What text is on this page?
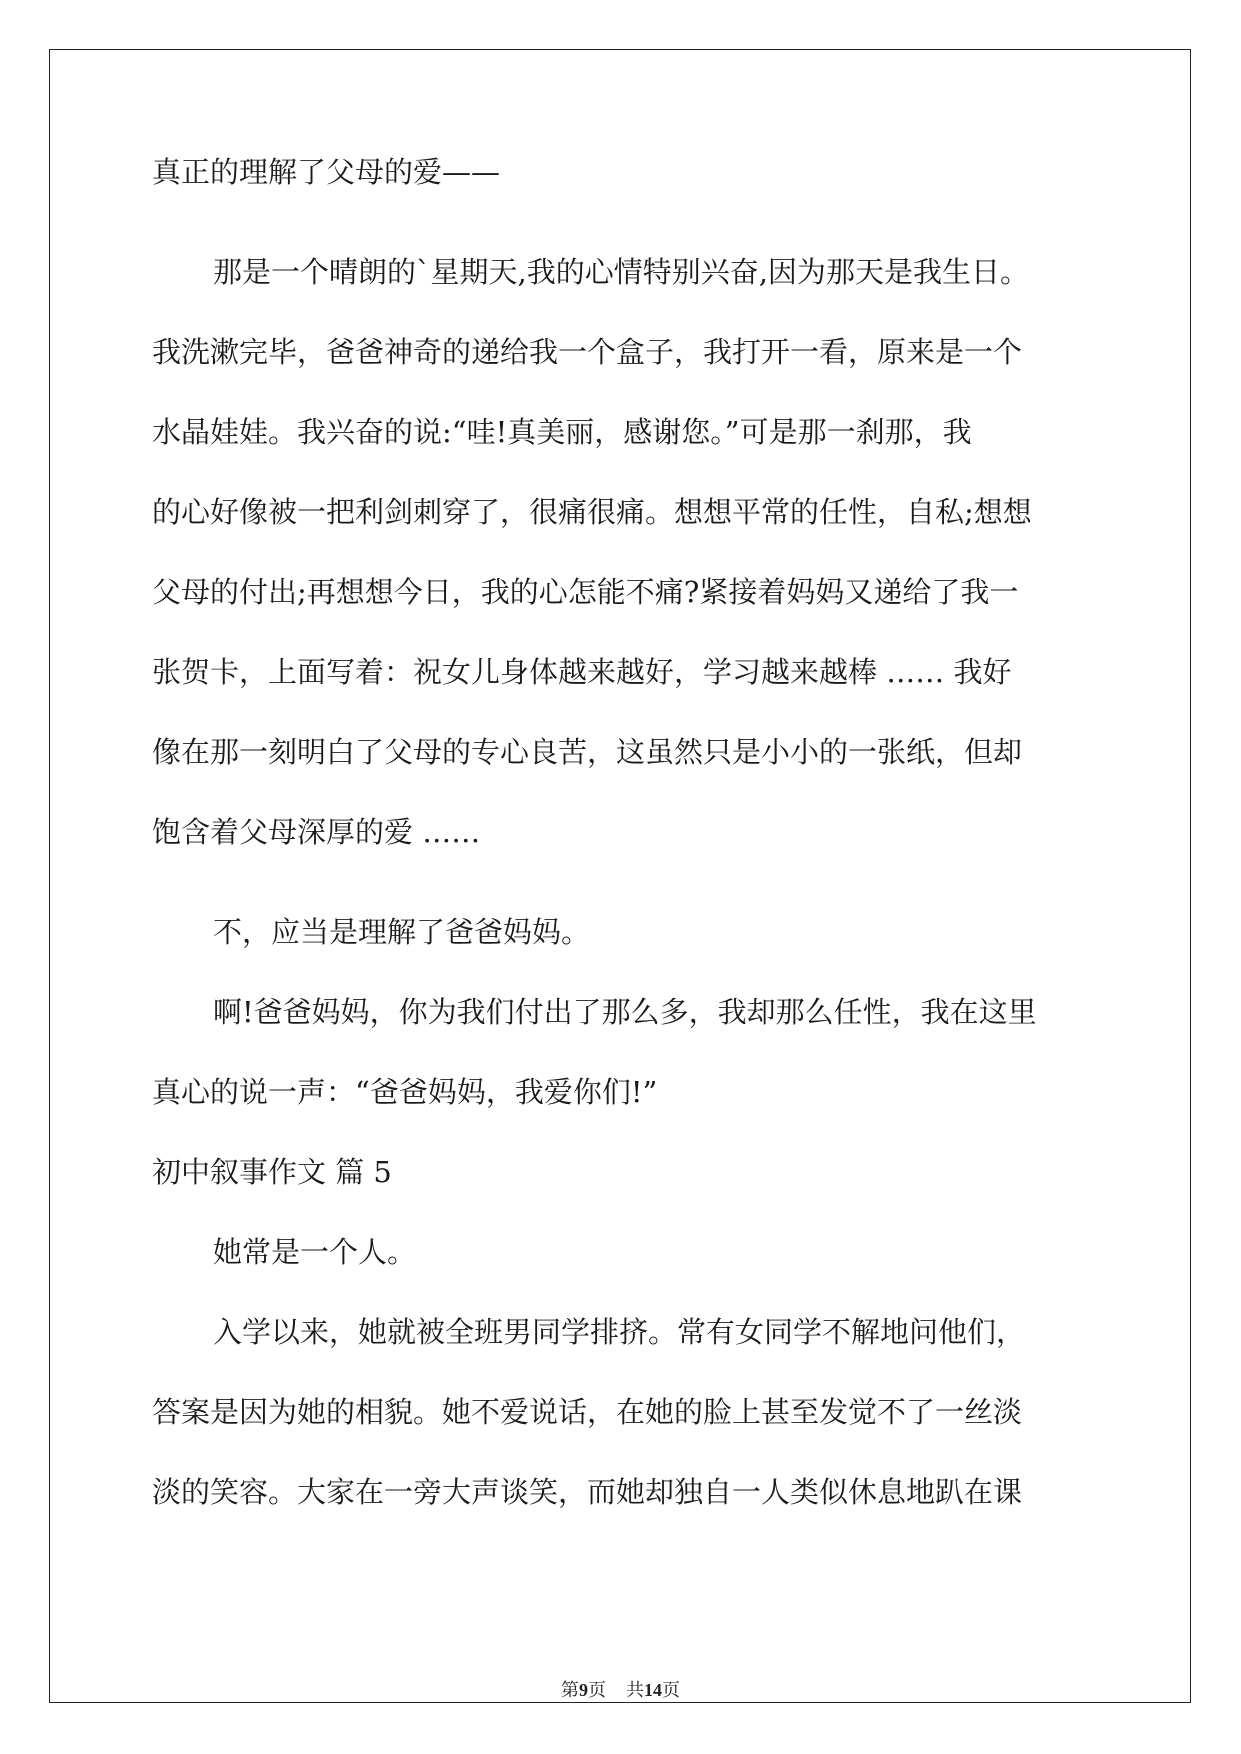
真正的理解了父母的爱——
那是一个晴朗的`星期天,我的心情特别兴奋,因为那天是我生日。
我洗漱完毕，爸爸神奇的递给我一个盒子，我打开一看，原来是一个
水晶娃娃。我兴奋的说:“哇!真美丽，感谢您。”可是那一刹那，我
的心好像被一把利剑刺穿了，很痛很痛。想想平常的任性，自私;想想
父母的付出;再想想今日，我的心怎能不痛?紧接着妈妈又递给了我一
张贺卡，上面写着：祝女儿身体越来越好，学习越来越棒 …… 我好
像在那一刻明白了父母的专心良苦，这虽然只是小小的一张纸，但却
饱含着父母深厚的爱 ……
不，应当是理解了爸爸妈妈。
啊!爸爸妈妈，你为我们付出了那么多，我却那么任性，我在这里
真心的说一声：“爸爸妈妈，我爱你们!”
初中叙事作文 篇 5
她常是一个人。
入学以来，她就被全班男同学排挤。常有女同学不解地问他们，
答案是因为她的相貌。她不爱说话，在她的脸上甚至发觉不了一丝淡
淡的笑容。大家在一旁大声谈笑，而她却独自一人类似休息地趴在课
第9页 共14页
